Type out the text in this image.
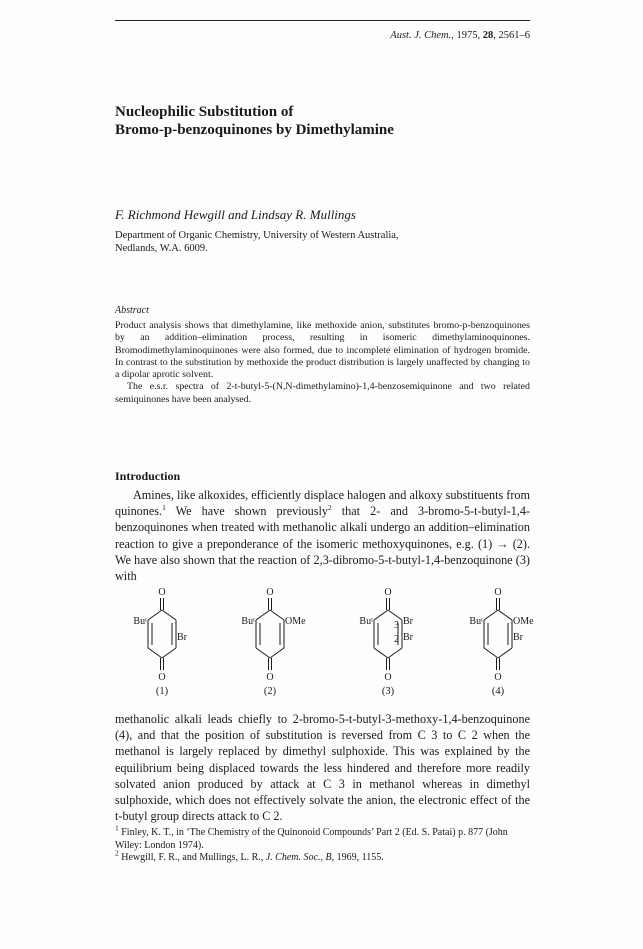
Aust. J. Chem., 1975, 28, 2561–6
Nucleophilic Substitution of
Bromo-p-benzoquinones by Dimethylamine
F. Richmond Hewgill and Lindsay R. Mullings
Department of Organic Chemistry, University of Western Australia,
Nedlands, W.A. 6009.
Abstract

Product analysis shows that dimethylamine, like methoxide anion, substitutes bromo-p-benzoquinones by an addition–elimination process, resulting in isomeric dimethylaminoquinones. Bromodimethylaminoquinones were also formed, due to incomplete elimination of hydrogen bromide. In contrast to the substitution by methoxide the product distribution is largely unaffected by changing to a dipolar aprotic solvent.

The e.s.r. spectra of 2-t-butyl-5-(N,N-dimethylamino)-1,4-benzosemiquinone and two related semiquinones have been analysed.

Introduction

Amines, like alkoxides, efficiently displace halogen and alkoxy substituents from quinones.$^1$ We have shown previously$^2$ that 2- and 3-bromo-5-t-butyl-1,4-benzoquinones when treated with methanolic alkali undergo an addition–elimination reaction to give a preponderance of the isomeric methoxyquinones, e.g. (1) → (2). We have also shown that the reaction of 2,3-dibromo-5-t-butyl-1,4-benzoquinone (3) with

O
O
Buᵗ
Br
(1)
O
O
Buᵗ	OMe
(2)
O
O
Buᵗ	Br
Br
3
2
(3)
O
O
Buᵗ	OMe
Br
(4)

methanolic alkali leads chiefly to 2-bromo-5-t-butyl-3-methoxy-1,4-benzoquinone (4), and that the position of substitution is reversed from C 3 to C 2 when the methanol is largely replaced by dimethyl sulphoxide. This was explained by the equilibrium being displaced towards the less hindered and therefore more readily solvated anion produced by attack at C 3 in methanol whereas in dimethyl sulphoxide, which does not effectively solvate the anion, the electronic effect of the t-butyl group directs attack to C 2.

$^1$ Finley, K. T., in ‘The Chemistry of the Quinonoid Compounds’ Part 2 (Ed. S. Patai) p. 877 (John Wiley: London 1974).

$^2$ Hewgill, F. R., and Mullings, L. R., J. Chem. Soc., B, 1969, 1155.
